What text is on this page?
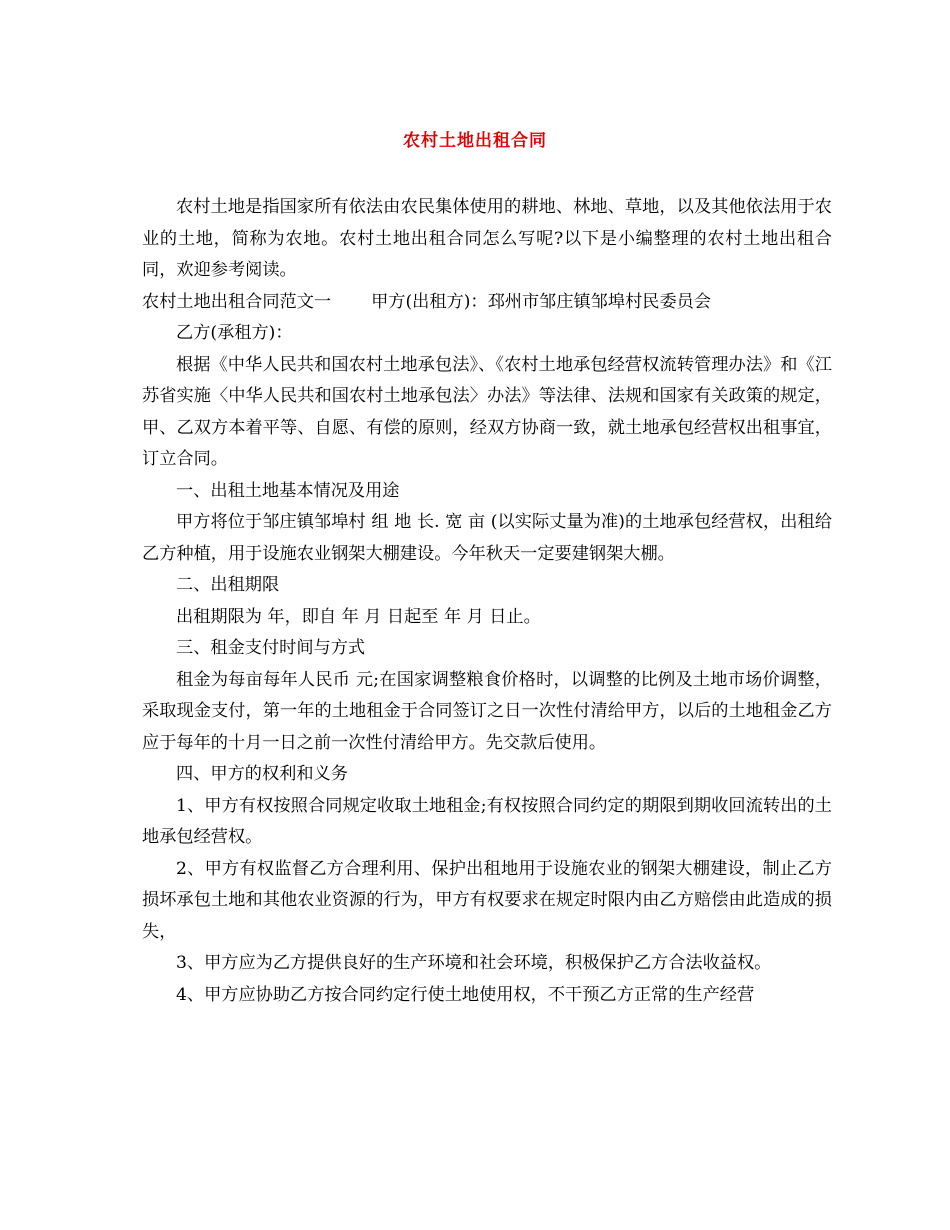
农村土地出租合同

农村土地是指国家所有依法由农民集体使用的耕地、林地、草地，以及其他依法用于农业的土地，简称为农地。农村土地出租合同怎么写呢?以下是小编整理的农村土地出租合同，欢迎参考阅读。

农村土地出租合同范文一 甲方(出租方)：邳州市邹庄镇邹埠村民委员会

乙方(承租方)：

根据《中华人民共和国农村土地承包法》、《农村土地承包经营权流转管理办法》和《江苏省实施〈中华人民共和国农村土地承包法〉办法》等法律、法规和国家有关政策的规定，甲、乙双方本着平等、自愿、有偿的原则，经双方协商一致，就土地承包经营权出租事宜，订立合同。

一、出租土地基本情况及用途

甲方将位于邹庄镇邹埠村 组 地 长. 宽 亩 (以实际丈量为准)的土地承包经营权，出租给乙方种植，用于设施农业钢架大棚建设。今年秋天一定要建钢架大棚。

二、出租期限

出租期限为 年，即自 年 月 日起至 年 月 日止。

三、租金支付时间与方式

租金为每亩每年人民币 元;在国家调整粮食价格时，以调整的比例及土地市场价调整，采取现金支付，第一年的土地租金于合同签订之日一次性付清给甲方，以后的土地租金乙方应于每年的十月一日之前一次性付清给甲方。先交款后使用。

四、甲方的权利和义务

1、甲方有权按照合同规定收取土地租金;有权按照合同约定的期限到期收回流转出的土地承包经营权。

2、甲方有权监督乙方合理利用、保护出租地用于设施农业的钢架大棚建设，制止乙方损坏承包土地和其他农业资源的行为，甲方有权要求在规定时限内由乙方赔偿由此造成的损失，

3、甲方应为乙方提供良好的生产环境和社会环境，积极保护乙方合法收益权。

4、甲方应协助乙方按合同约定行使土地使用权，不干预乙方正常的生产经营
